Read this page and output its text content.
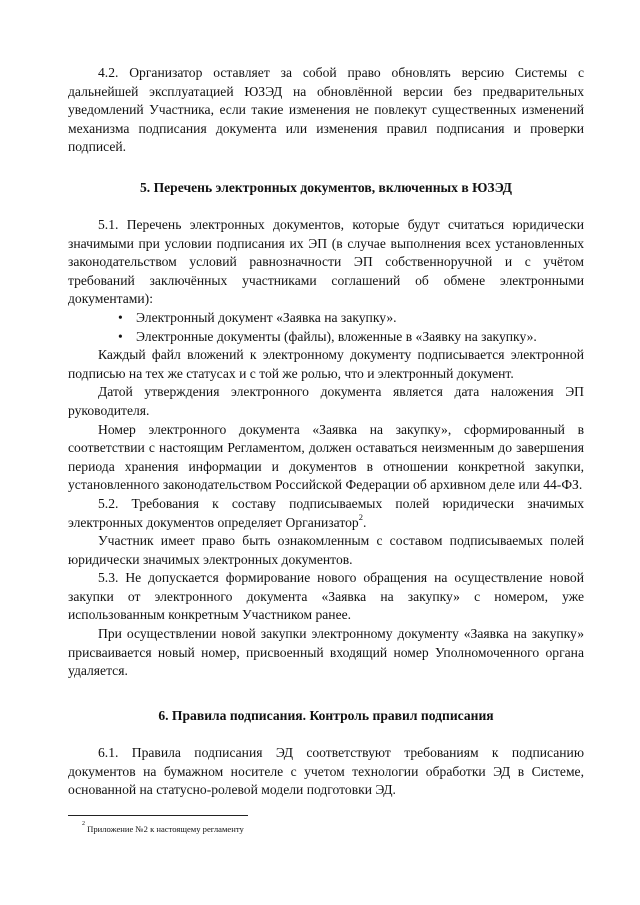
4.2. Организатор оставляет за собой право обновлять версию Системы с дальнейшей эксплуатацией ЮЗЭД на обновлённой версии без предварительных уведомлений Участника, если такие изменения не повлекут существенных изменений механизма подписания документа или изменения правил подписания и проверки подписей.

5. Перечень электронных документов, включенных в ЮЗЭД

5.1. Перечень электронных документов, которые будут считаться юридически значимыми при условии подписания их ЭП (в случае выполнения всех установленных законодательством условий равнозначности ЭП собственноручной и с учётом требований заключённых участниками соглашений об обмене электронными документами):

• Электронный документ «Заявка на закупку».
• Электронные документы (файлы), вложенные в «Заявку на закупку».

Каждый файл вложений к электронному документу подписывается электронной подписью на тех же статусах и с той же ролью, что и электронный документ.

Датой утверждения электронного документа является дата наложения ЭП руководителя.

Номер электронного документа «Заявка на закупку», сформированный в соответствии с настоящим Регламентом, должен оставаться неизменным до завершения периода хранения информации и документов в отношении конкретной закупки, установленного законодательством Российской Федерации об архивном деле или 44-ФЗ.

5.2. Требования к составу подписываемых полей юридически значимых электронных документов определяет Организатор$^2$.

Участник имеет право быть ознакомленным с составом подписываемых полей юридически значимых электронных документов.

5.3. Не допускается формирование нового обращения на осуществление новой закупки от электронного документа «Заявка на закупку» с номером, уже использованным конкретным Участником ранее.

При осуществлении новой закупки электронному документу «Заявка на закупку» присваивается новый номер, присвоенный входящий номер Уполномоченного органа удаляется.

6. Правила подписания. Контроль правил подписания

6.1. Правила подписания ЭД соответствуют требованиям к подписанию документов на бумажном носителе с учетом технологии обработки ЭД в Системе, основанной на статусно-ролевой модели подготовки ЭД.

$^2$ Приложение №2 к настоящему регламенту
